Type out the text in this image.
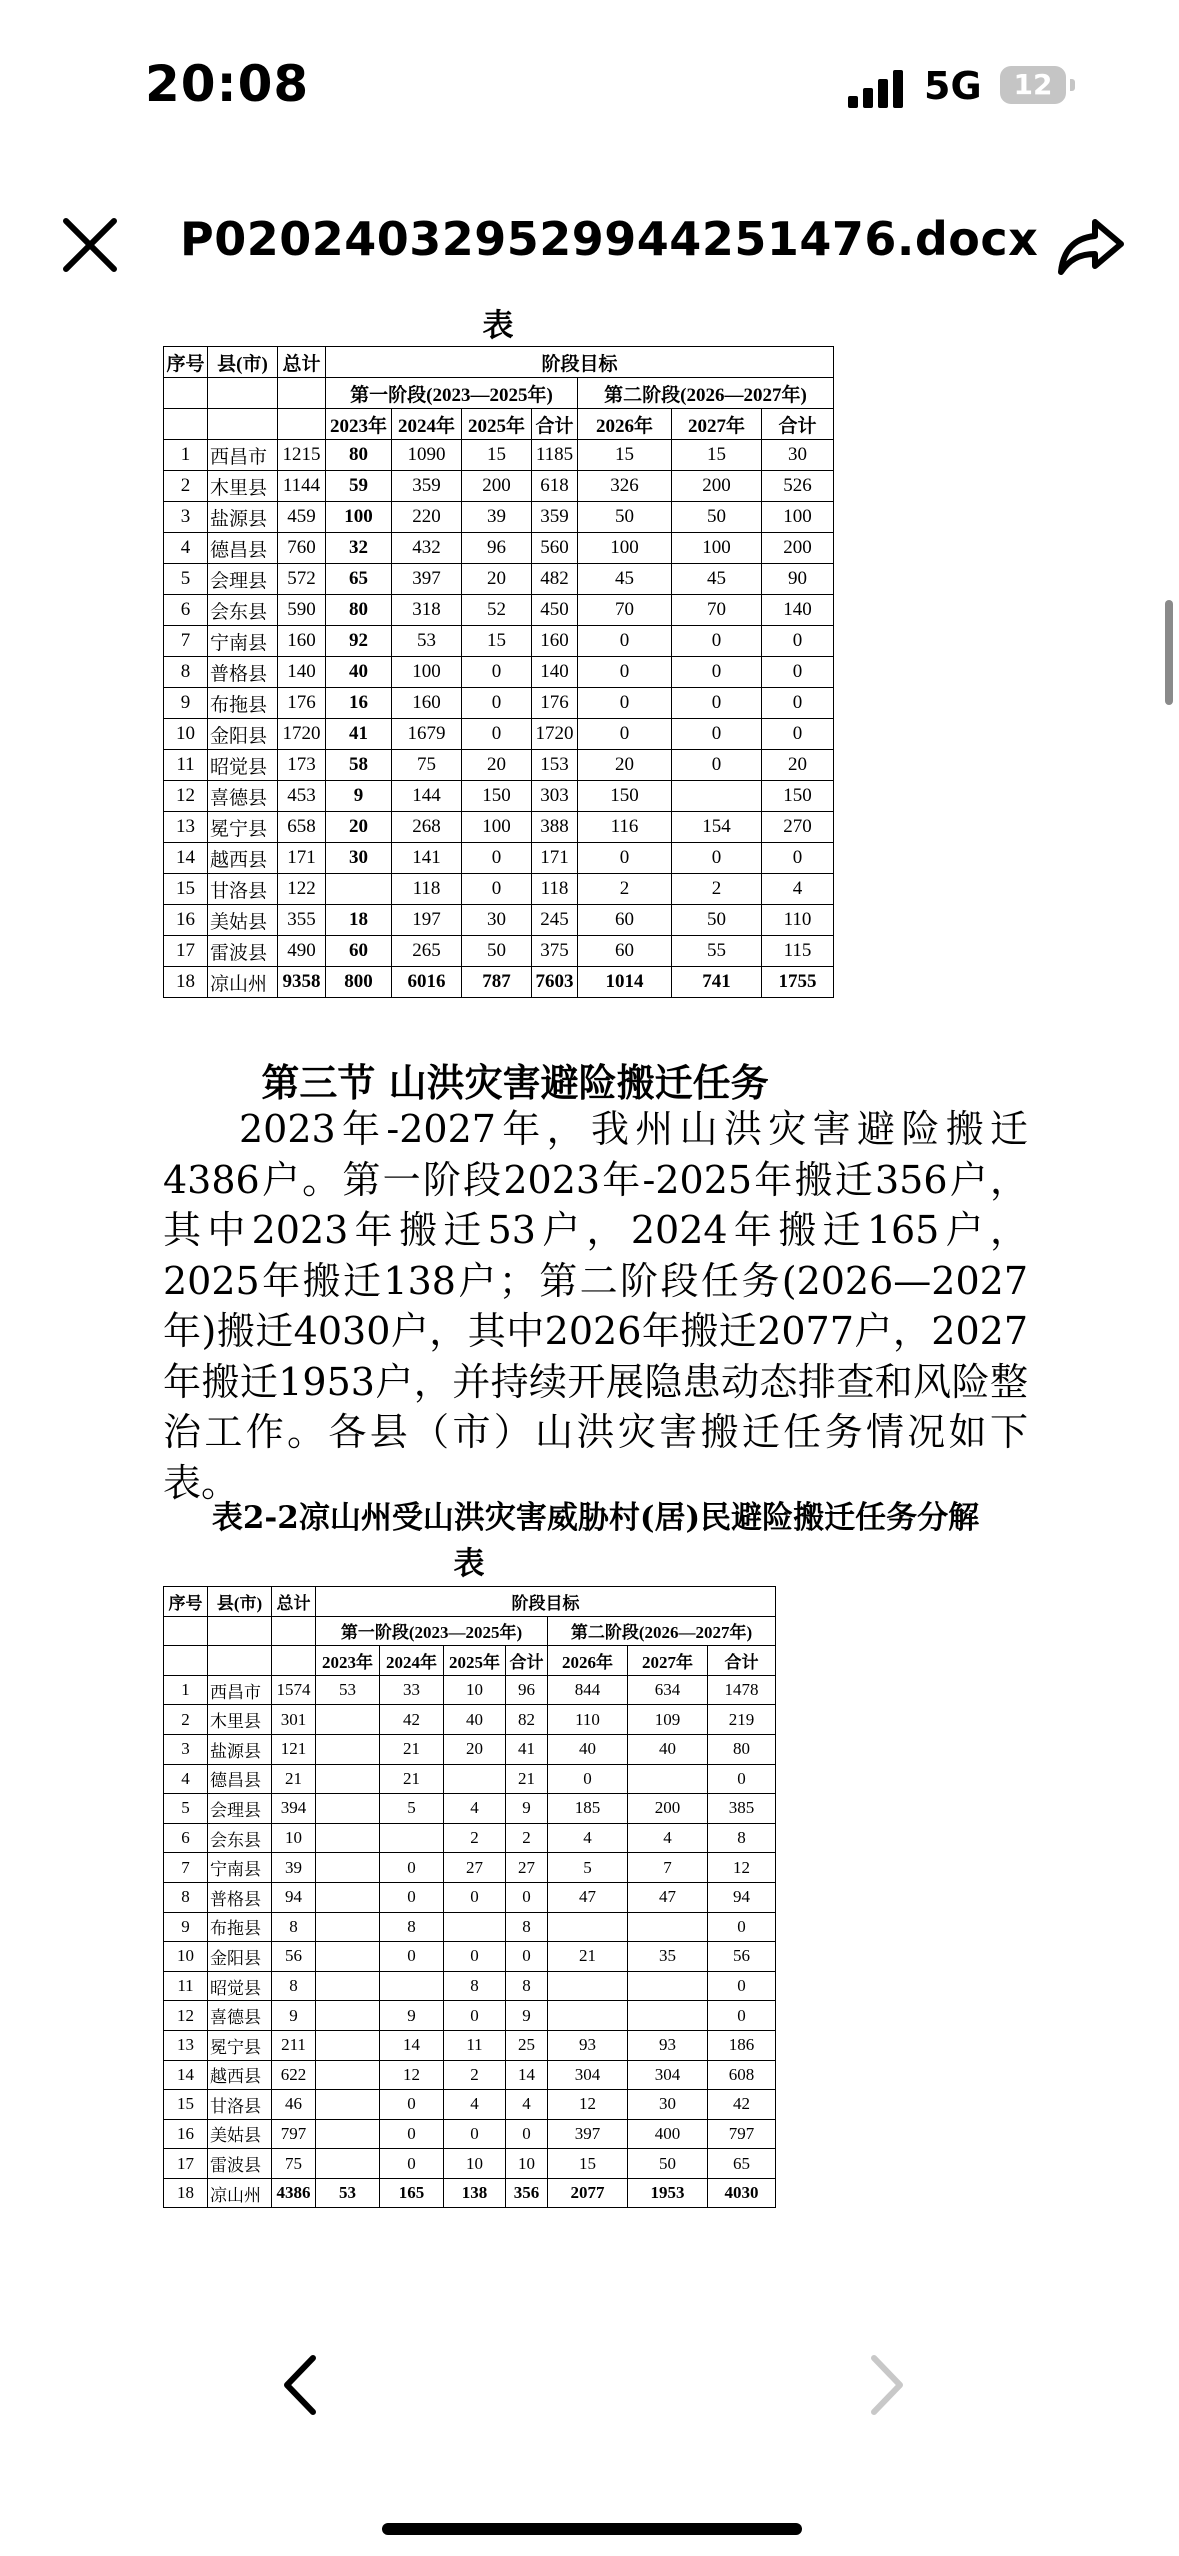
20:08	5G	12
P020240329529944251476.docx
表
序号	县(市)	总计	阶段目标						
			第一阶段(2023—2025年)				第二阶段(2026—2027年)		
			2023年	2024年	2025年	合计	2026年	2027年	合计
1	西昌市	1215	80	1090	15	1185	15	15	30
2	木里县	1144	59	359	200	618	326	200	526
3	盐源县	459	100	220	39	359	50	50	100
4	德昌县	760	32	432	96	560	100	100	200
5	会理县	572	65	397	20	482	45	45	90
6	会东县	590	80	318	52	450	70	70	140
7	宁南县	160	92	53	15	160	0	0	0
8	普格县	140	40	100	0	140	0	0	0
9	布拖县	176	16	160	0	176	0	0	0
10	金阳县	1720	41	1679	0	1720	0	0	0
11	昭觉县	173	58	75	20	153	20	0	20
12	喜德县	453	9	144	150	303	150		150
13	冕宁县	658	20	268	100	388	116	154	270
14	越西县	171	30	141	0	171	0	0	0
15	甘洛县	122		118	0	118	2	2	4
16	美姑县	355	18	197	30	245	60	50	110
17	雷波县	490	60	265	50	375	60	55	115
18	凉山州	9358	800	6016	787	7603	1014	741	1755
第三节 山洪灾害避险搬迁任务

2023年-2027年，我州山洪灾害避险搬迁4386户。第一阶段2023年-2025年搬迁356户，其中2023年搬迁53户，2024年搬迁165户，2025年搬迁138户；第二阶段任务(2026—2027年)搬迁4030户，其中2026年搬迁2077户，2027年搬迁1953户，并持续开展隐患动态排查和风险整治工作。各县（市）山洪灾害搬迁任务情况如下表。

表2-2凉山州受山洪灾害威胁村(居)民避险搬迁任务分解
表
序号	县(市)	总计	阶段目标						
			第一阶段(2023—2025年)				第二阶段(2026—2027年)		
			2023年	2024年	2025年	合计	2026年	2027年	合计
1	西昌市	1574	53	33	10	96	844	634	1478
2	木里县	301		42	40	82	110	109	219
3	盐源县	121		21	20	41	40	40	80
4	德昌县	21		21		21	0		0
5	会理县	394		5	4	9	185	200	385
6	会东县	10			2	2	4	4	8
7	宁南县	39		0	27	27	5	7	12
8	普格县	94		0	0	0	47	47	94
9	布拖县	8		8		8			0
10	金阳县	56		0	0	0	21	35	56
11	昭觉县	8			8	8			0
12	喜德县	9		9	0	9			0
13	冕宁县	211		14	11	25	93	93	186
14	越西县	622		12	2	14	304	304	608
15	甘洛县	46		0	4	4	12	30	42
16	美姑县	797		0	0	0	397	400	797
17	雷波县	75		0	10	10	15	50	65
18	凉山州	4386	53	165	138	356	2077	1953	4030
